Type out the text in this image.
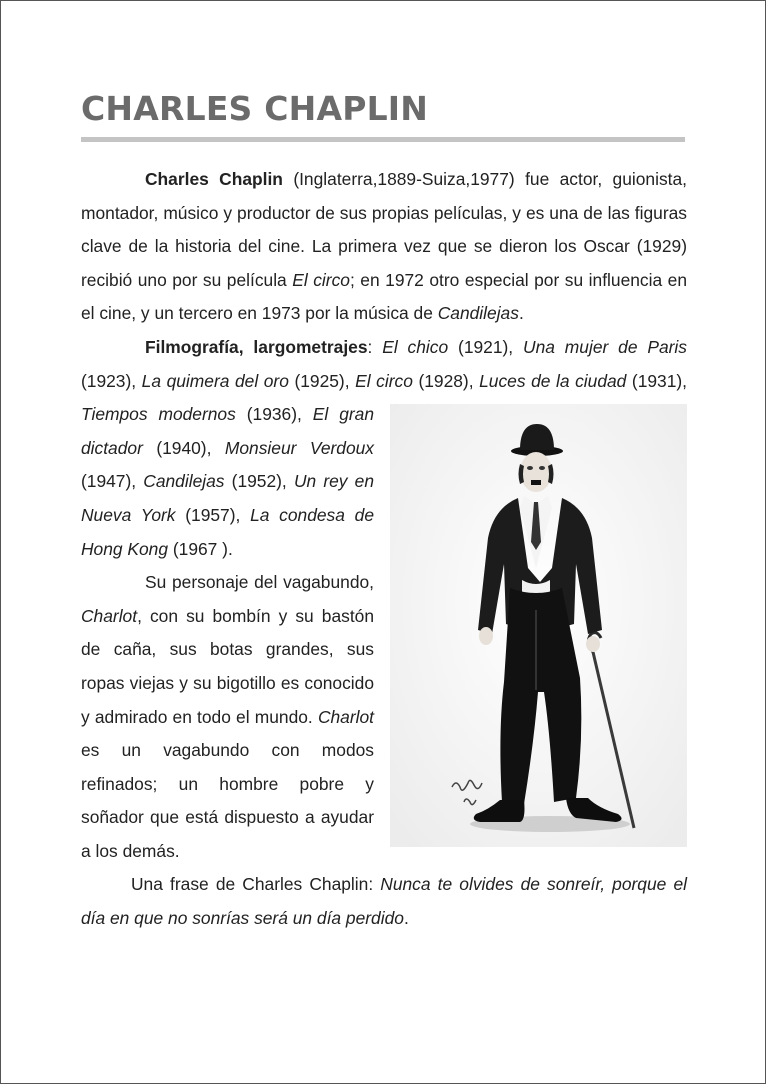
CHARLES CHAPLIN

Charles Chaplin (Inglaterra,1889-Suiza,1977) fue actor, guionista, montador, músico y productor de sus propias películas, y es una de las figuras clave de la historia del cine. La primera vez que se dieron los Oscar (1929) recibió uno por su película El circo; en 1972 otro especial por su influencia en el cine, y un tercero en 1973 por la música de Candilejas.

Filmografía, largometrajes: El chico (1921), Una mujer de Paris (1923), La quimera del oro (1925), El circo (1928), Luces de la ciudad
(1931), Tiempos modernos (1936), El gran dictador (1940), Monsieur Verdoux (1947), Candilejas (1952), Un rey en Nueva York (1957), La condesa de Hong Kong (1967 ).

Su personaje del vagabundo, Charlot, con su bombín y su bastón de caña, sus botas grandes, sus ropas viejas y su bigotillo es conocido y admirado en todo el mundo. Charlot es un vagabundo con modos refinados; un hombre pobre y soñador que está dispuesto a ayudar a los demás.

Una frase de Charles Chaplin: Nunca te olvides de sonreír, porque el día en que no sonrías será un día perdido.
